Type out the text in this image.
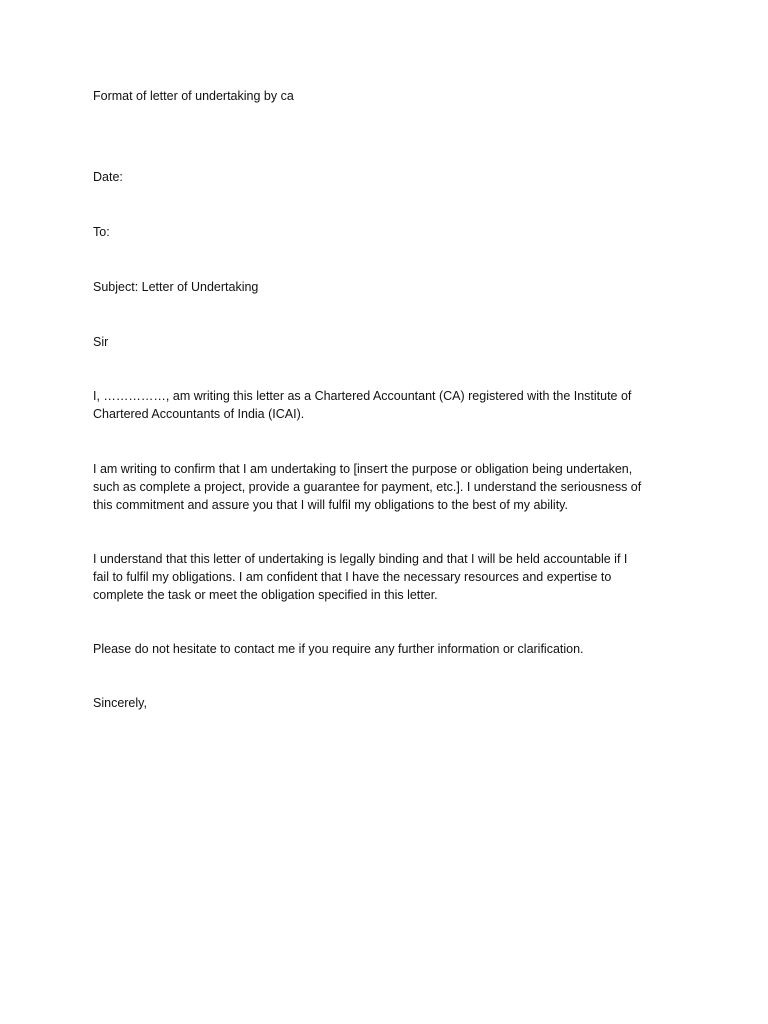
Format of letter of undertaking by ca
Date:
To:
Subject: Letter of Undertaking
Sir
I, ……………, am writing this letter as a Chartered Accountant (CA) registered with the Institute of
Chartered Accountants of India (ICAI).
I am writing to confirm that I am undertaking to [insert the purpose or obligation being undertaken,
such as complete a project, provide a guarantee for payment, etc.]. I understand the seriousness of
this commitment and assure you that I will fulfil my obligations to the best of my ability.
I understand that this letter of undertaking is legally binding and that I will be held accountable if I
fail to fulfil my obligations. I am confident that I have the necessary resources and expertise to
complete the task or meet the obligation specified in this letter.
Please do not hesitate to contact me if you require any further information or clarification.
Sincerely,
